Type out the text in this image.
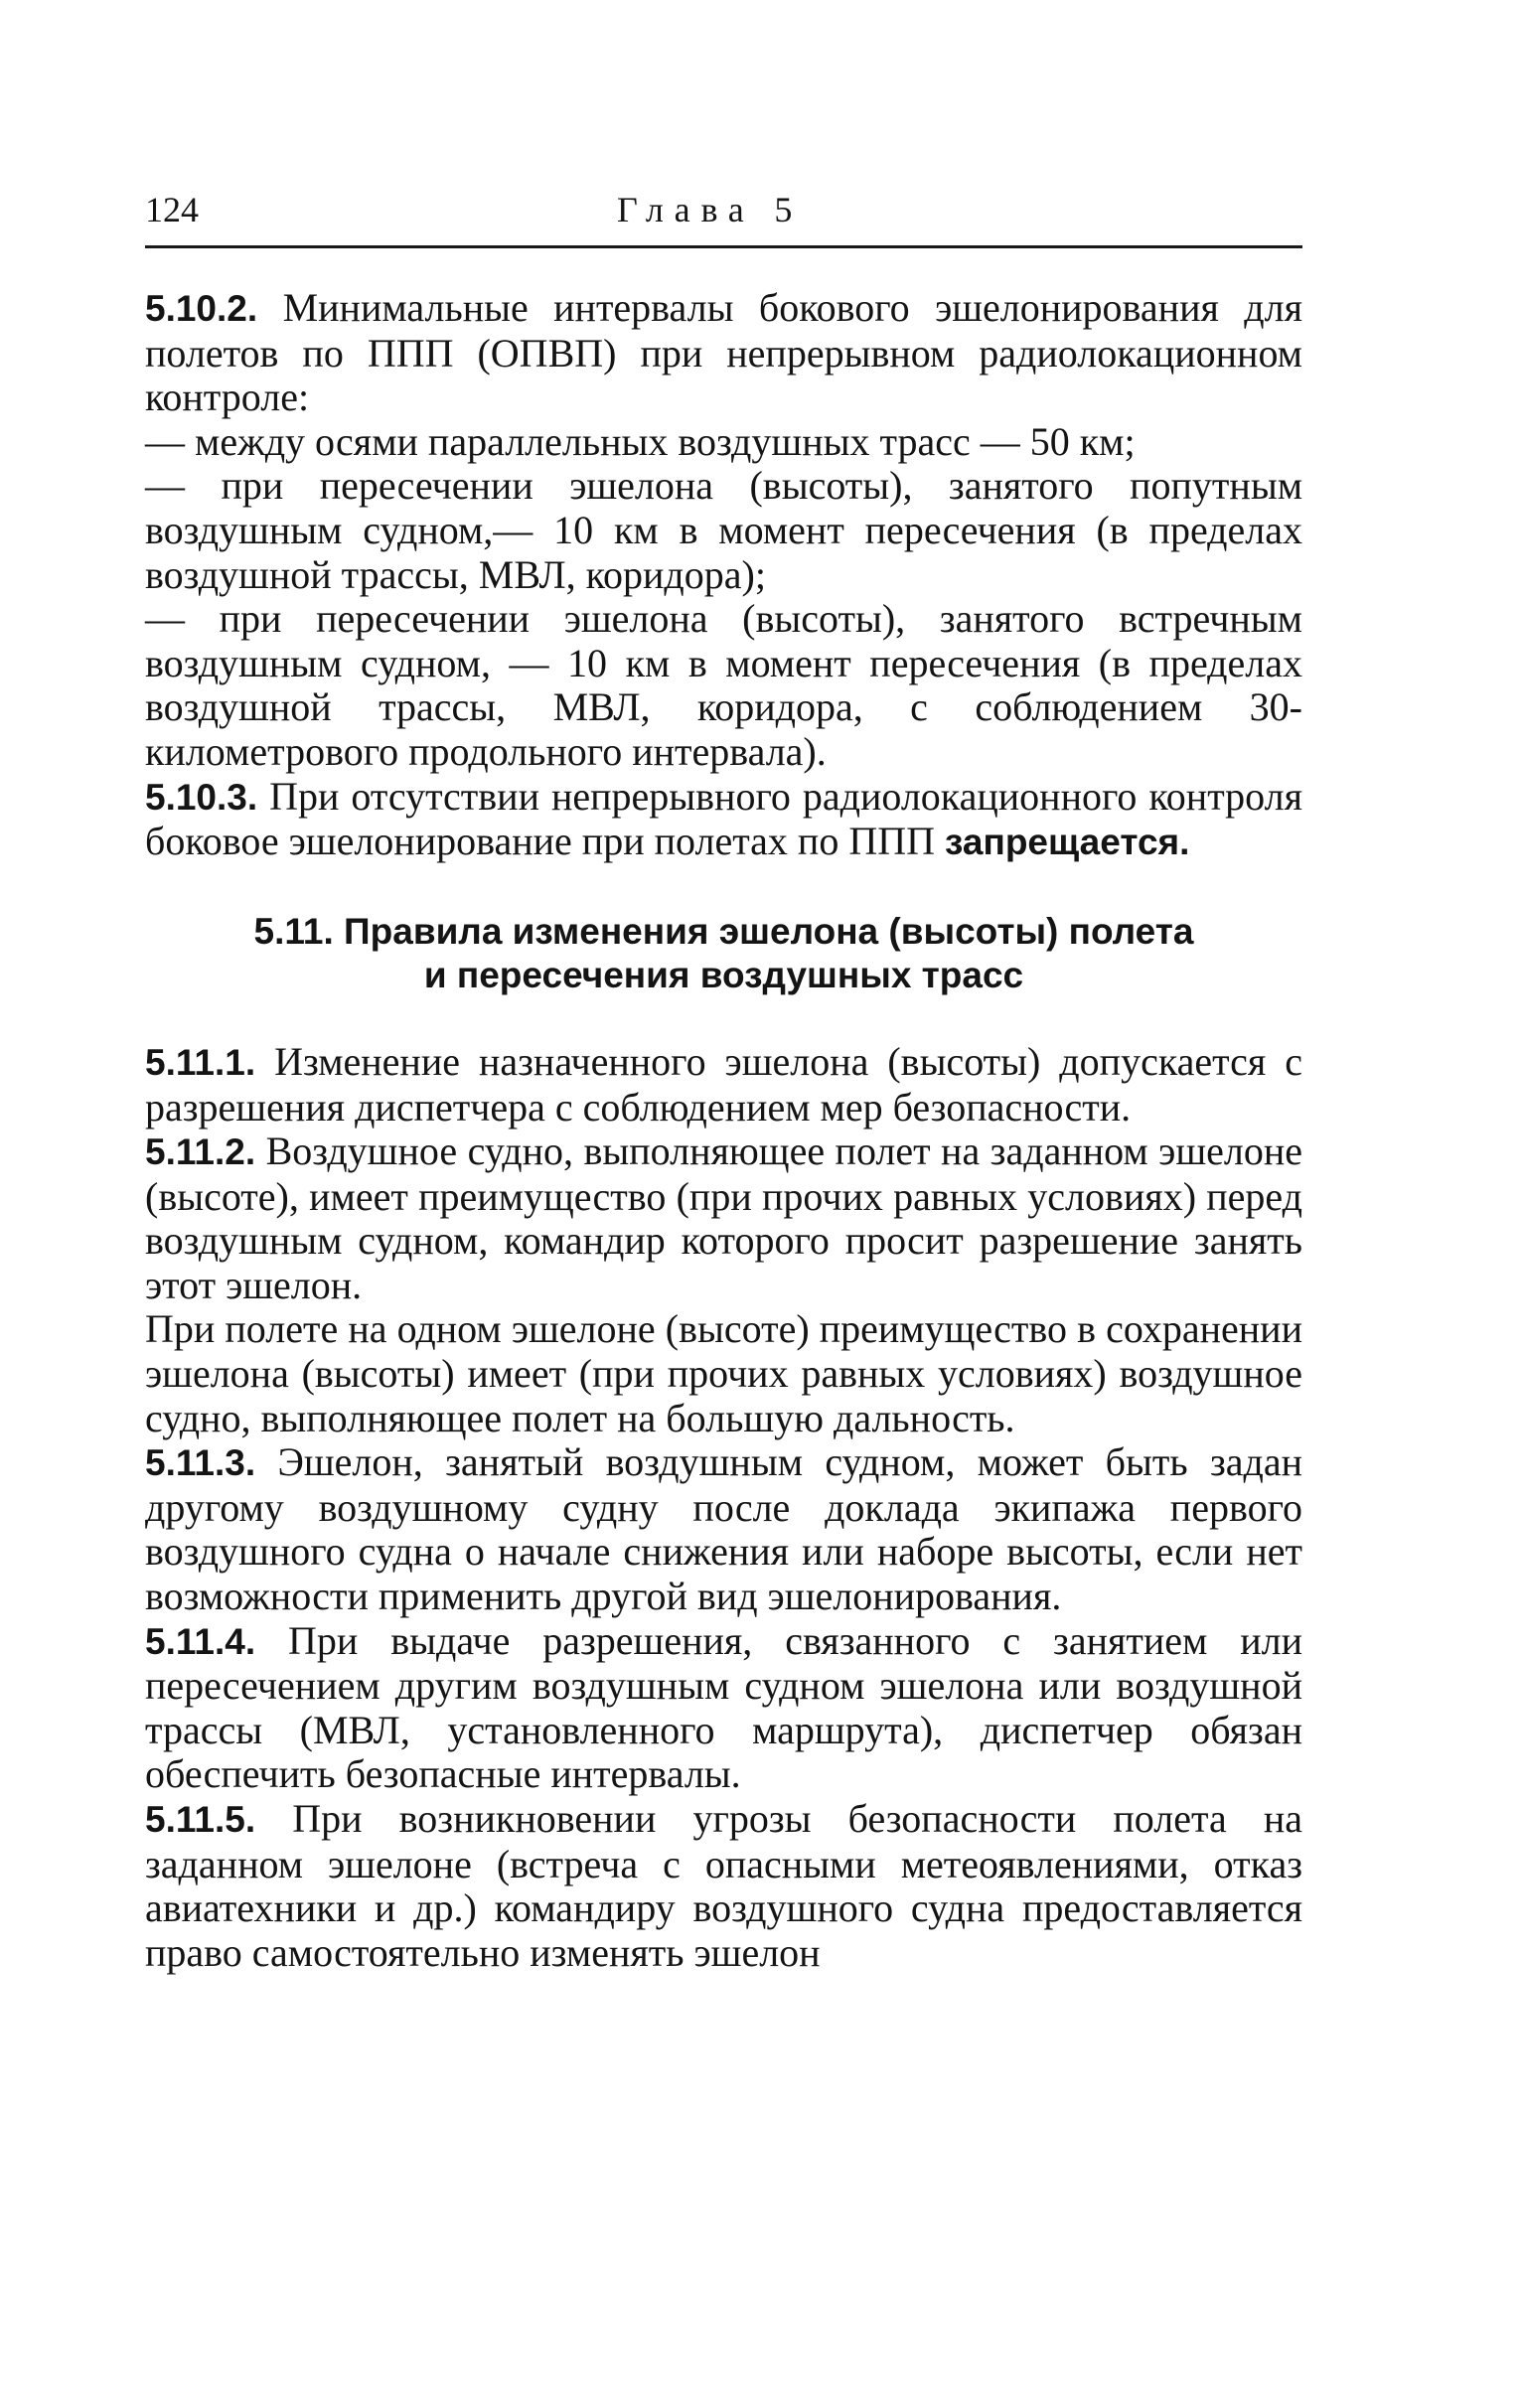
124	Глава 5

5.10.2. Минимальные интервалы бокового эшелонирования для полетов по ППП (ОПВП) при непрерывном радиолокационном контроле:

— между осями параллельных воздушных трасс — 50 км;

— при пересечении эшелона (высоты), занятого попутным воздушным судном,— 10 км в момент пересечения (в пределах воздушной трассы, МВЛ, коридора);

— при пересечении эшелона (высоты), занятого встречным воздушным судном, — 10 км в момент пересечения (в пределах воздушной трассы, МВЛ, коридора, с соблюдением 30-километрового продольного интервала).

5.10.3. При отсутствии непрерывного радиолокационного контроля боковое эшелонирование при полетах по ППП запрещается.

5.11. Правила изменения эшелона (высоты) полета
и пересечения воздушных трасс

5.11.1. Изменение назначенного эшелона (высоты) допускается с разрешения диспетчера с соблюдением мер безопасности.

5.11.2. Воздушное судно, выполняющее полет на заданном эшелоне (высоте), имеет преимущество (при прочих равных условиях) перед воздушным судном, командир которого просит разрешение занять этот эшелон.

При полете на одном эшелоне (высоте) преимущество в сохранении эшелона (высоты) имеет (при прочих равных условиях) воздушное судно, выполняющее полет на большую дальность.

5.11.3. Эшелон, занятый воздушным судном, может быть задан другому воздушному судну после доклада экипажа первого воздушного судна о начале снижения или наборе высоты, если нет возможности применить другой вид эшелонирования.

5.11.4. При выдаче разрешения, связанного с занятием или пересечением другим воздушным судном эшелона или воздушной трассы (МВЛ, установленного маршрута), диспетчер обязан обеспечить безопасные интервалы.

5.11.5. При возникновении угрозы безопасности полета на заданном эшелоне (встреча с опасными метеоявлениями, отказ авиатехники и др.) командиру воздушного судна предоставляется право самостоятельно изменять эшелон
